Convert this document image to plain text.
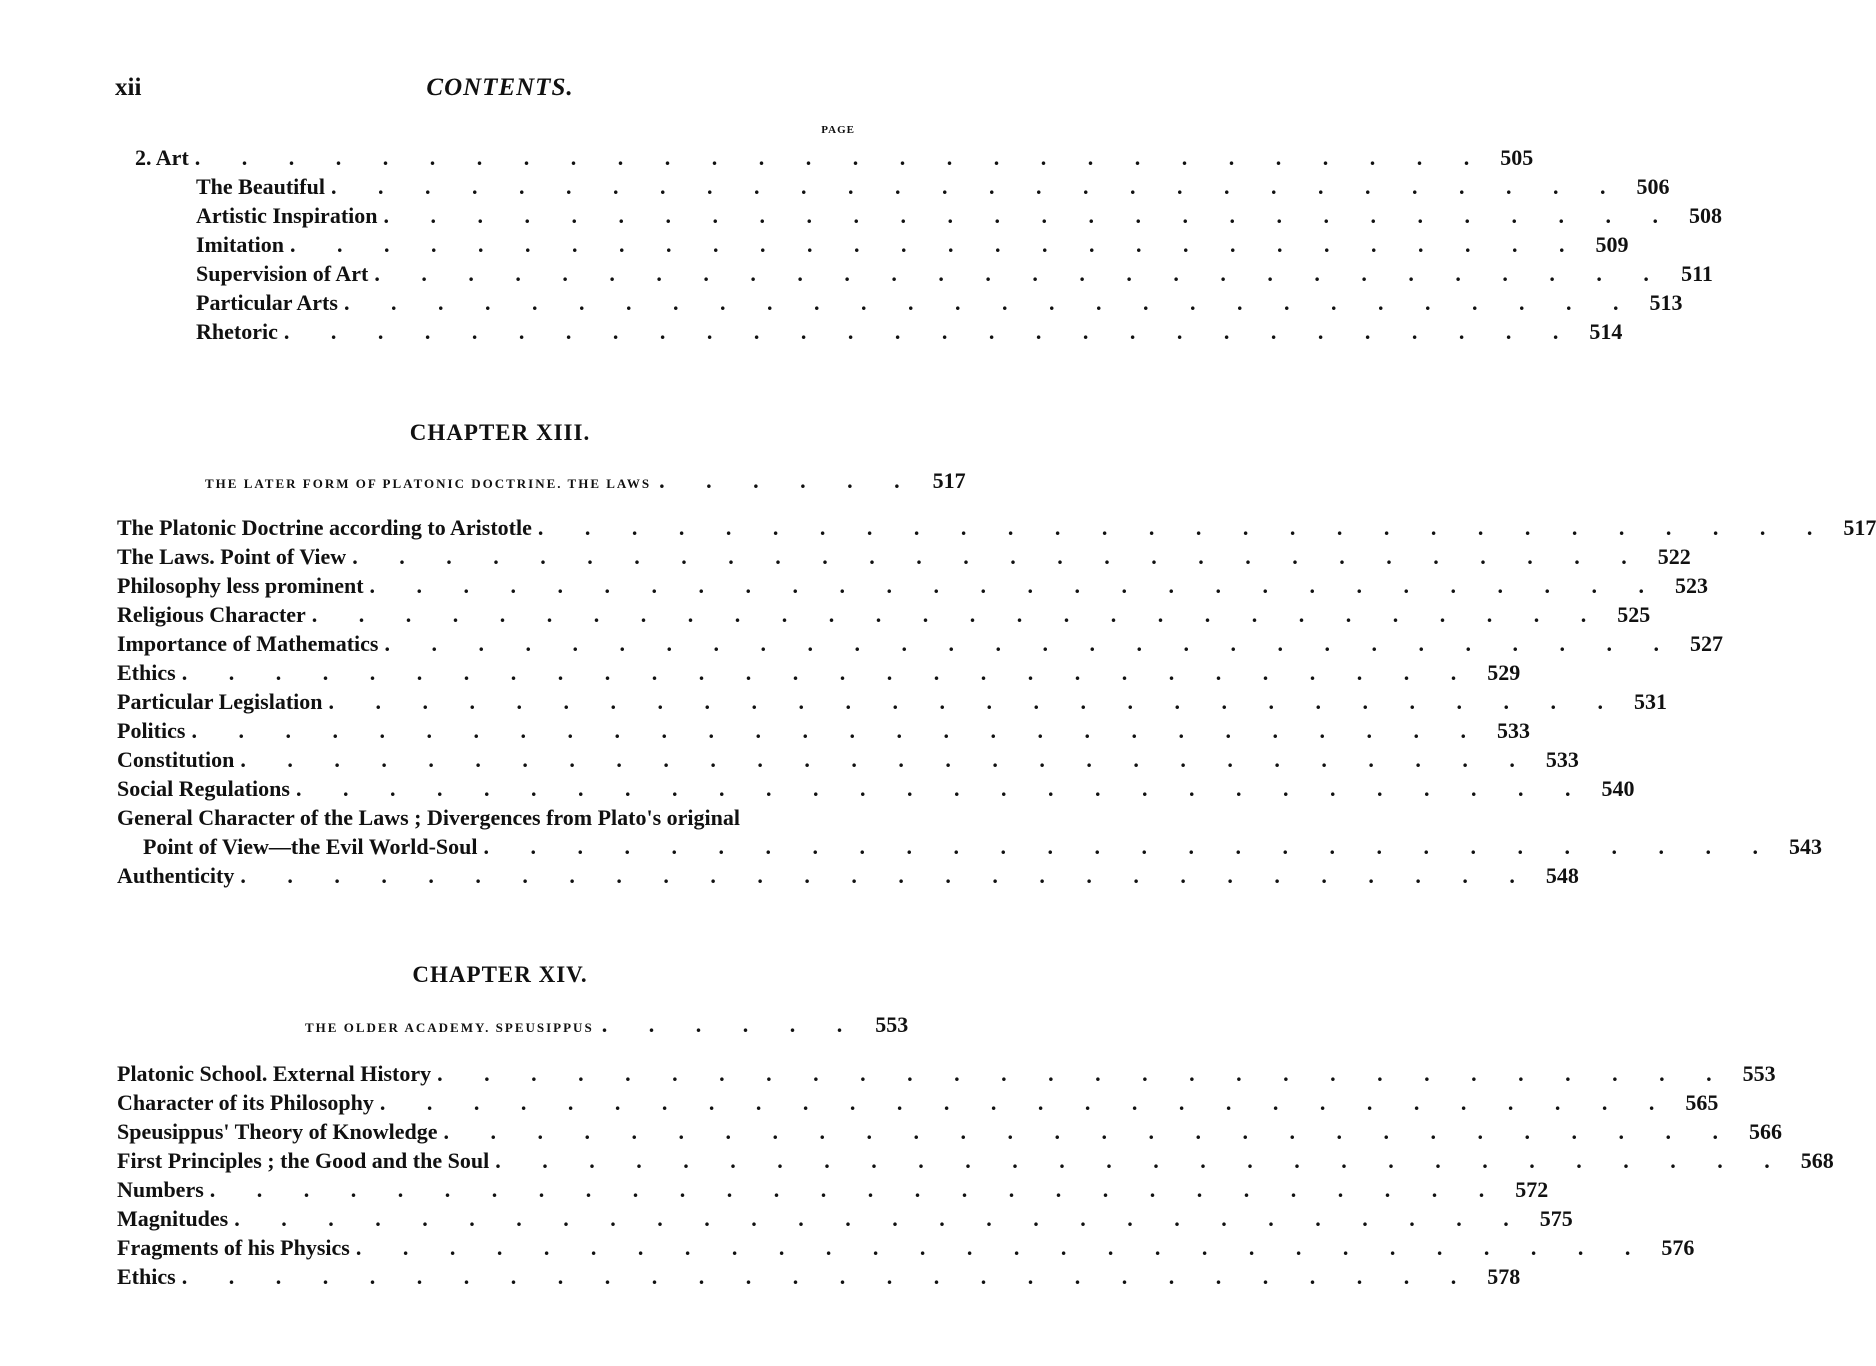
xii	CONTENTS.
PAGE
2. Art . . . . . . . . . . . . . . . . . . . . . . . . . . . . 505
The Beautiful . . . . . . . . . . . . . . . . . . . . . . . . . . . . 506
Artistic Inspiration . . . . . . . . . . . . . . . . . . . . . . . . . . . . 508
Imitation . . . . . . . . . . . . . . . . . . . . . . . . . . . . 509
Supervision of Art . . . . . . . . . . . . . . . . . . . . . . . . . . . . 511
Particular Arts . . . . . . . . . . . . . . . . . . . . . . . . . . . . 513
Rhetoric . . . . . . . . . . . . . . . . . . . . . . . . . . . . 514
CHAPTER XIII.
THE LATER FORM OF PLATONIC DOCTRINE. THE LAWS . . . . . . 517
The Platonic Doctrine according to Aristotle . . . . . . . . . . . . . . . . . . . . . . . . . . . . 517
The Laws. Point of View . . . . . . . . . . . . . . . . . . . . . . . . . . . . 522
Philosophy less prominent . . . . . . . . . . . . . . . . . . . . . . . . . . . . 523
Religious Character . . . . . . . . . . . . . . . . . . . . . . . . . . . . 525
Importance of Mathematics . . . . . . . . . . . . . . . . . . . . . . . . . . . . 527
Ethics . . . . . . . . . . . . . . . . . . . . . . . . . . . . 529
Particular Legislation . . . . . . . . . . . . . . . . . . . . . . . . . . . . 531
Politics . . . . . . . . . . . . . . . . . . . . . . . . . . . . 533
Constitution . . . . . . . . . . . . . . . . . . . . . . . . . . . . 533
Social Regulations . . . . . . . . . . . . . . . . . . . . . . . . . . . . 540
General Character of the Laws ; Divergences from Plato's original
Point of View—the Evil World-Soul . . . . . . . . . . . . . . . . . . . . . . . . . . . . 543
Authenticity . . . . . . . . . . . . . . . . . . . . . . . . . . . . 548
CHAPTER XIV.
THE OLDER ACADEMY. SPEUSIPPUS . . . . . . 553
Platonic School. External History . . . . . . . . . . . . . . . . . . . . . . . . . . . . 553
Character of its Philosophy . . . . . . . . . . . . . . . . . . . . . . . . . . . . 565
Speusippus' Theory of Knowledge . . . . . . . . . . . . . . . . . . . . . . . . . . . . 566
First Principles ; the Good and the Soul . . . . . . . . . . . . . . . . . . . . . . . . . . . . 568
Numbers . . . . . . . . . . . . . . . . . . . . . . . . . . . . 572
Magnitudes . . . . . . . . . . . . . . . . . . . . . . . . . . . . 575
Fragments of his Physics . . . . . . . . . . . . . . . . . . . . . . . . . . . . 576
Ethics . . . . . . . . . . . . . . . . . . . . . . . . . . . . 578
